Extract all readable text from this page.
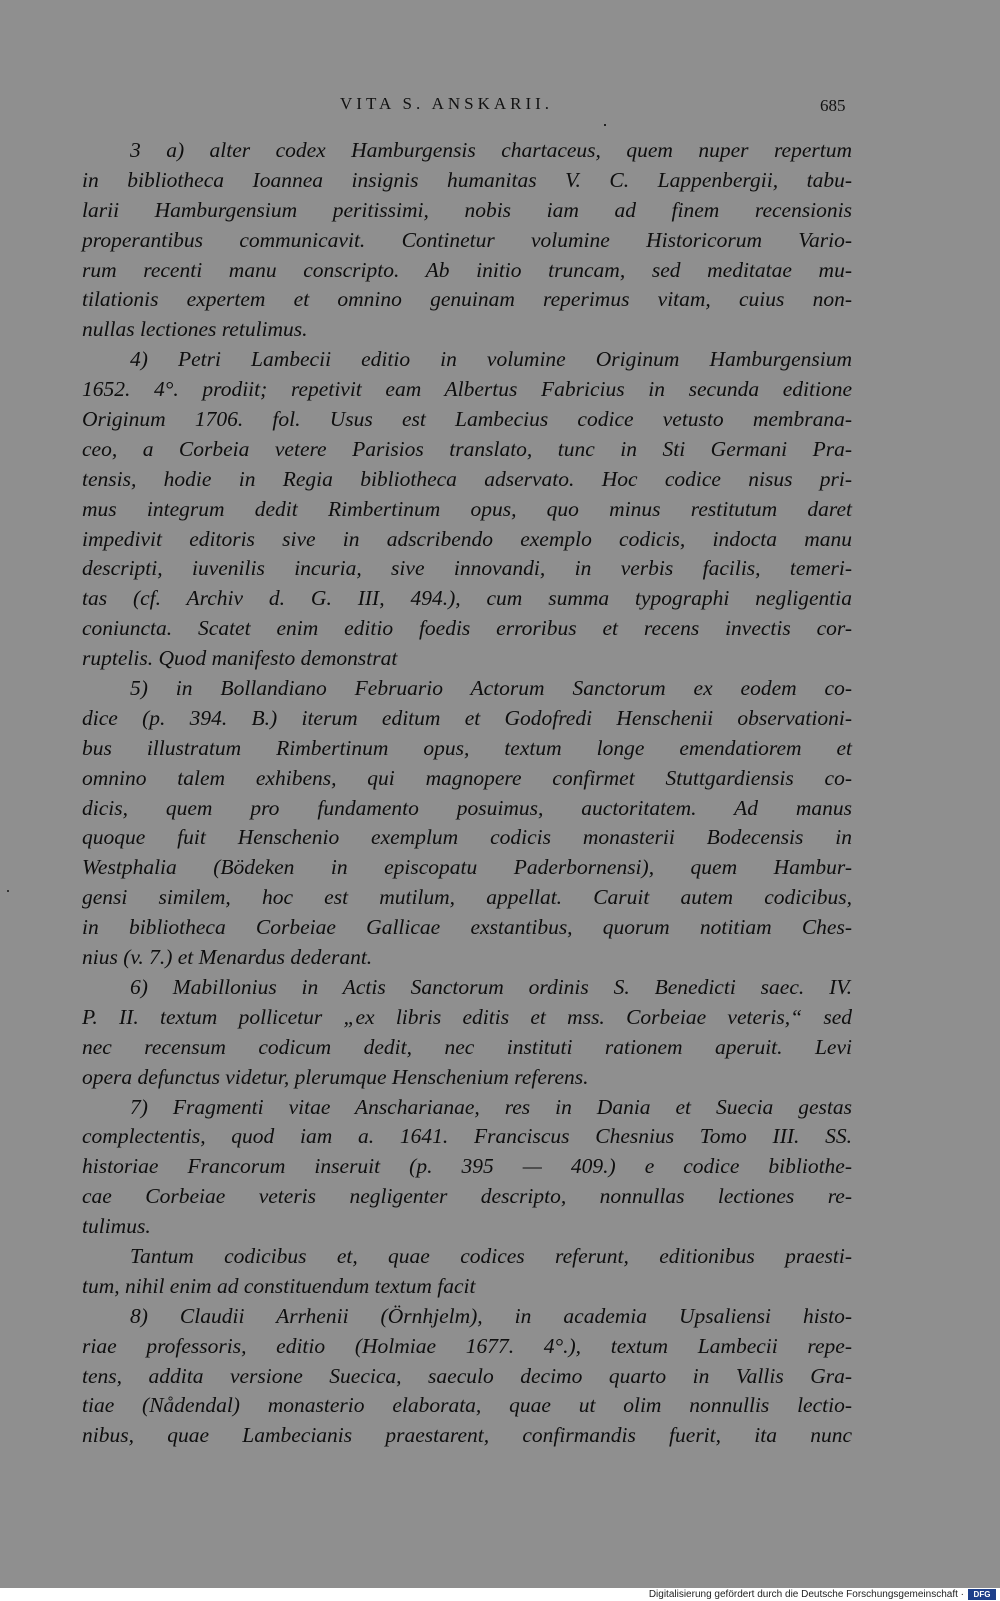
VITA S. ANSKARII.	685
3 a) alter codex Hamburgensis chartaceus, quem nuper repertum
in bibliotheca Ioannea insignis humanitas V. C. Lappenbergii, tabu-
larii Hamburgensium peritissimi, nobis iam ad finem recensionis
properantibus communicavit. Continetur volumine Historicorum Vario-
rum recenti manu conscripto. Ab initio truncam, sed meditatae mu-
tilationis expertem et omnino genuinam reperimus vitam, cuius non-
nullas lectiones retulimus.
4) Petri Lambecii editio in volumine Originum Hamburgensium
1652. 4°. prodiit; repetivit eam Albertus Fabricius in secunda editione
Originum 1706. fol. Usus est Lambecius codice vetusto membrana-
ceo, a Corbeia vetere Parisios translato, tunc in Sti Germani Pra-
tensis, hodie in Regia bibliotheca adservato. Hoc codice nisus pri-
mus integrum dedit Rimbertinum opus, quo minus restitutum daret
impedivit editoris sive in adscribendo exemplo codicis, indocta manu
descripti, iuvenilis incuria, sive innovandi, in verbis facilis, temeri-
tas (cf. Archiv d. G. III, 494.), cum summa typographi negligentia
coniuncta. Scatet enim editio foedis erroribus et recens invectis cor-
ruptelis. Quod manifesto demonstrat
5) in Bollandiano Februario Actorum Sanctorum ex eodem co-
dice (p. 394. B.) iterum editum et Godofredi Henschenii observationi-
bus illustratum Rimbertinum opus, textum longe emendatiorem et
omnino talem exhibens, qui magnopere confirmet Stuttgardiensis co-
dicis, quem pro fundamento posuimus, auctoritatem. Ad manus
quoque fuit Henschenio exemplum codicis monasterii Bodecensis in
Westphalia (Bödeken in episcopatu Paderbornensi), quem Hambur-
gensi similem, hoc est mutilum, appellat. Caruit autem codicibus,
in bibliotheca Corbeiae Gallicae exstantibus, quorum notitiam Ches-
nius (v. 7.) et Menardus dederant.
6) Mabillonius in Actis Sanctorum ordinis S. Benedicti saec. IV.
P. II. textum pollicetur „ex libris editis et mss. Corbeiae veteris,“ sed
nec recensum codicum dedit, nec instituti rationem aperuit. Levi
opera defunctus videtur, plerumque Henschenium referens.
7) Fragmenti vitae Anscharianae, res in Dania et Suecia gestas
complectentis, quod iam a. 1641. Franciscus Chesnius Tomo III. SS.
historiae Francorum inseruit (p. 395 — 409.) e codice bibliothe-
cae Corbeiae veteris negligenter descripto, nonnullas lectiones re-
tulimus.
Tantum codicibus et, quae codices referunt, editionibus praesti-
tum, nihil enim ad constituendum textum facit
8) Claudii Arrhenii (Örnhjelm), in academia Upsaliensi histo-
riae professoris, editio (Holmiae 1677. 4°.), textum Lambecii repe-
tens, addita versione Suecica, saeculo decimo quarto in Vallis Gra-
tiae (Nådendal) monasterio elaborata, quae ut olim nonnullis lectio-
nibus, quae Lambecianis praestarent, confirmandis fuerit, ita nunc
Digitalisierung gefördert durch die Deutsche Forschungsgemeinschaft ·	DFG
